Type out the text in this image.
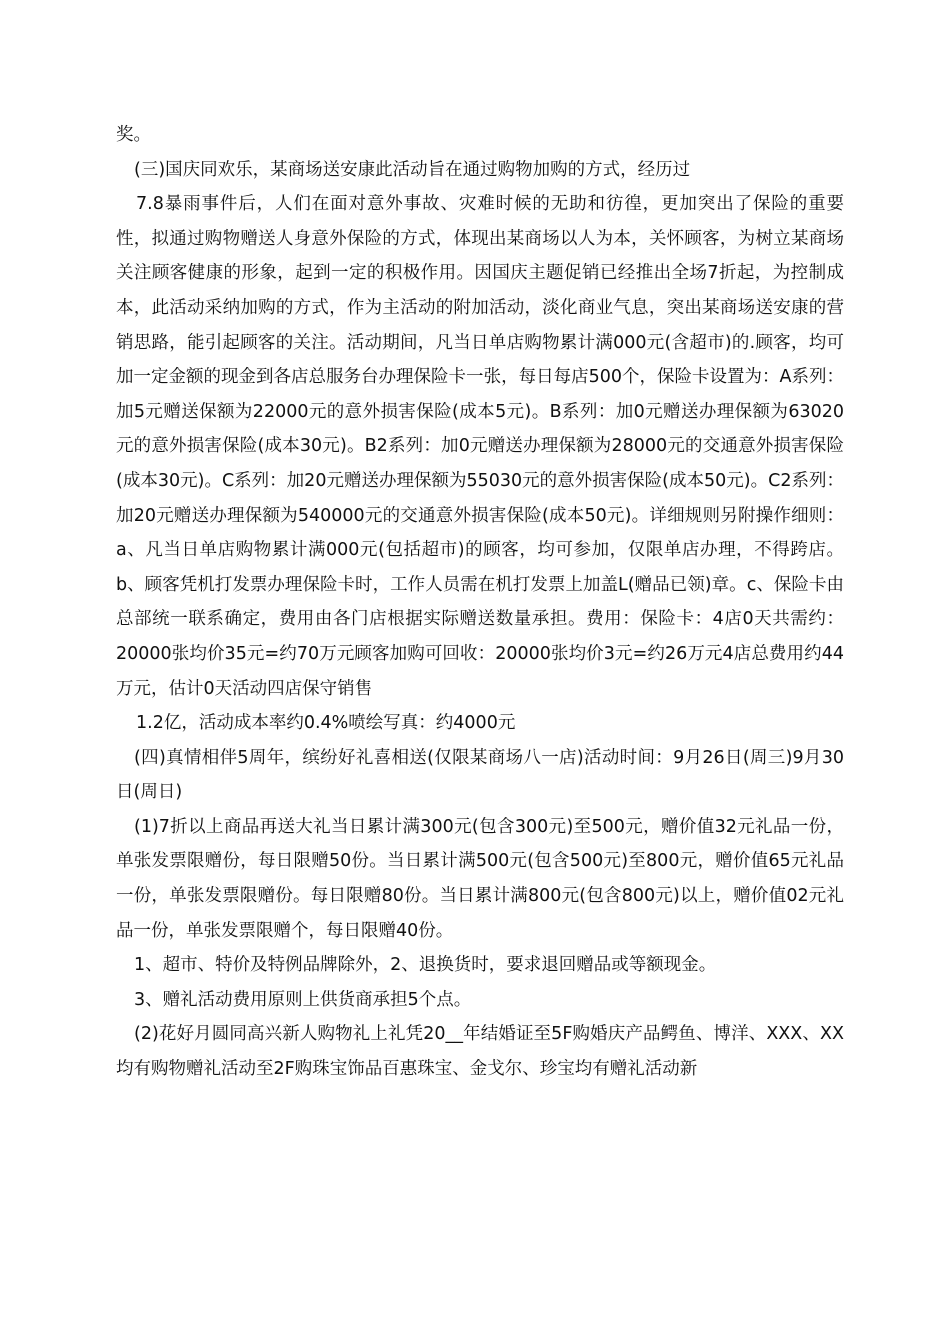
奖。

(三)国庆同欢乐，某商场送安康此活动旨在通过购物加购的方式，经历过

7.8暴雨事件后，人们在面对意外事故、灾难时候的无助和彷徨，更加突出了保险的重要性，拟通过购物赠送人身意外保险的方式，体现出某商场以人为本，关怀顾客，为树立某商场关注顾客健康的形象，起到一定的积极作用。因国庆主题促销已经推出全场7折起，为控制成本，此活动采纳加购的方式，作为主活动的附加活动，淡化商业气息，突出某商场送安康的营销思路，能引起顾客的关注。活动期间，凡当日单店购物累计满000元(含超市)的.顾客，均可加一定金额的现金到各店总服务台办理保险卡一张，每日每店500个，保险卡设置为：A系列：加5元赠送保额为22000元的意外损害保险(成本5元)。B系列：加0元赠送办理保额为63020元的意外损害保险(成本30元)。B2系列：加0元赠送办理保额为28000元的交通意外损害保险(成本30元)。C系列：加20元赠送办理保额为55030元的意外损害保险(成本50元)。C2系列：加20元赠送办理保额为540000元的交通意外损害保险(成本50元)。详细规则另附操作细则：a、凡当日单店购物累计满000元(包括超市)的顾客，均可参加，仅限单店办理，不得跨店。b、顾客凭机打发票办理保险卡时，工作人员需在机打发票上加盖L(赠品已领)章。c、保险卡由总部统一联系确定，费用由各门店根据实际赠送数量承担。费用：保险卡：4店0天共需约：20000张均价35元=约70万元顾客加购可回收：20000张均价3元=约26万元4店总费用约44万元，估计0天活动四店保守销售

1.2亿，活动成本率约0.4%喷绘写真：约4000元

(四)真情相伴5周年，缤纷好礼喜相送(仅限某商场八一店)活动时间：9月26日(周三)9月30日(周日)

(1)7折以上商品再送大礼当日累计满300元(包含300元)至500元，赠价值32元礼品一份，单张发票限赠份，每日限赠50份。当日累计满500元(包含500元)至800元，赠价值65元礼品一份，单张发票限赠份。每日限赠80份。当日累计满800元(包含800元)以上，赠价值02元礼品一份，单张发票限赠个，每日限赠40份。

1、超市、特价及特例品牌除外，2、退换货时，要求退回赠品或等额现金。

3、赠礼活动费用原则上供货商承担5个点。

(2)花好月圆同高兴新人购物礼上礼凭20__年结婚证至5F购婚庆产品鳄鱼、博洋、XXX、XX均有购物赠礼活动至2F购珠宝饰品百惠珠宝、金戈尔、珍宝均有赠礼活动新
